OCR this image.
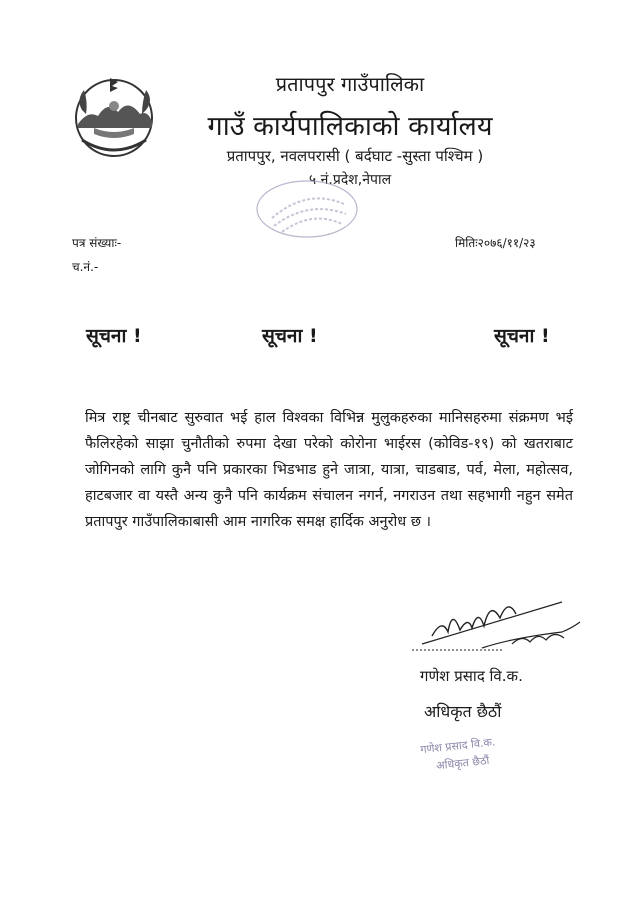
प्रतापपुर गाउँपालिका
गाउँ कार्यपालिकाको कार्यालय
प्रतापपुर, नवलपरासी ( बर्दघाट -सुस्ता पश्चिम )
५ नं.प्रदेश,नेपाल
पत्र संख्याः-
च.नं.-
मितिः२०७६/११/२३
सूचना !	सूचना !	सूचना !
मित्र राष्ट्र चीनबाट सुरुवात भई हाल विश्वका विभिन्न मुलुकहरुका मानिसहरुमा संक्रमण भई फैलिरहेको साझा चुनौतीको रुपमा देखा परेको कोरोना भाईरस (कोविड-१९) को खतराबाट जोगिनको लागि कुनै पनि प्रकारका भिडभाड हुने जात्रा, यात्रा, चाडबाड, पर्व, मेला, महोत्सव, हाटबजार वा यस्तै अन्य कुनै पनि कार्यक्रम संचालन नगर्न, नगराउन तथा सहभागी नहुन समेत प्रतापपुर गाउँपालिकाबासी आम नागरिक समक्ष हार्दिक अनुरोध छ ।
गणेश प्रसाद वि.क.
अधिकृत छैठौं
गणेश प्रसाद वि.क.
अधिकृत छैठौं
